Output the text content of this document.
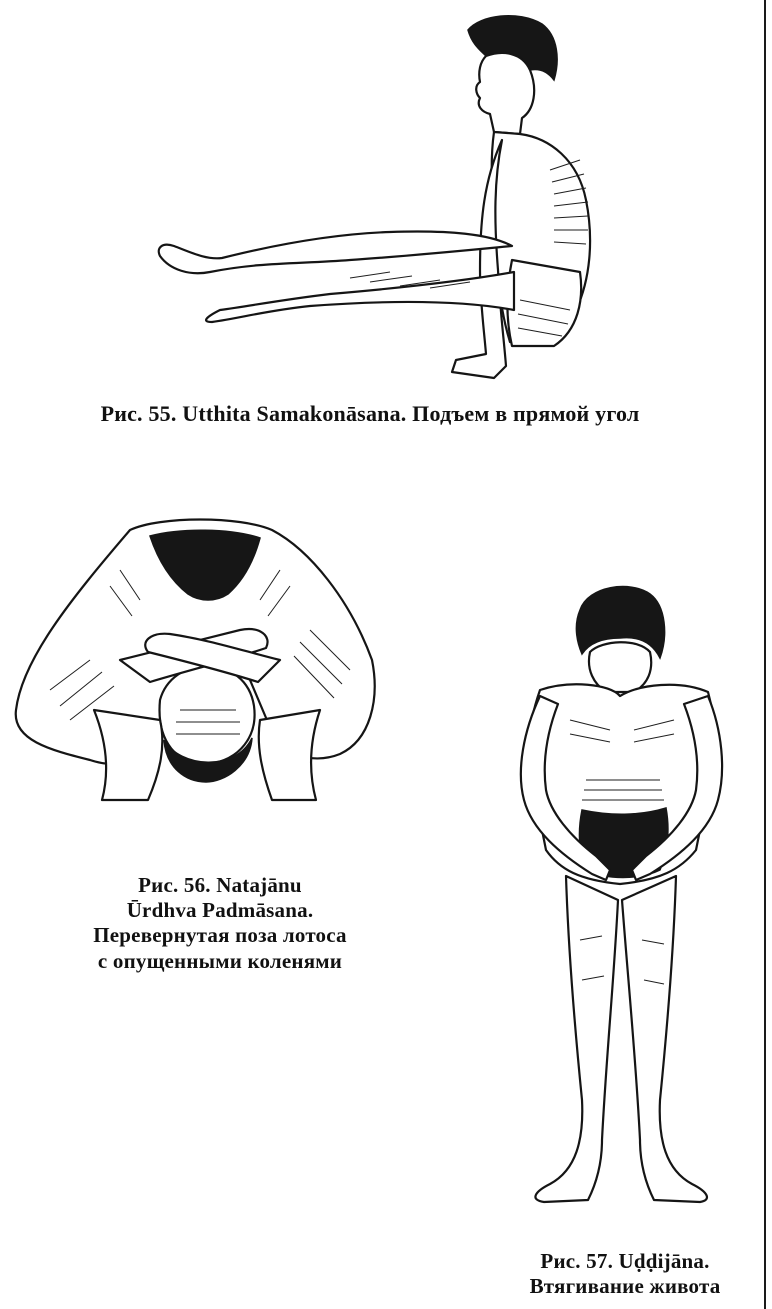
Рис. 55. Utthita Samakonāsana. Подъем в прямой угол
Рис. 56. Natajānu
Ūrdhva Padmāsana.
Перевернутая поза лотоса
с опущенными коленями
Рис. 57. Uḍḍijāna.
Втягивание живота
